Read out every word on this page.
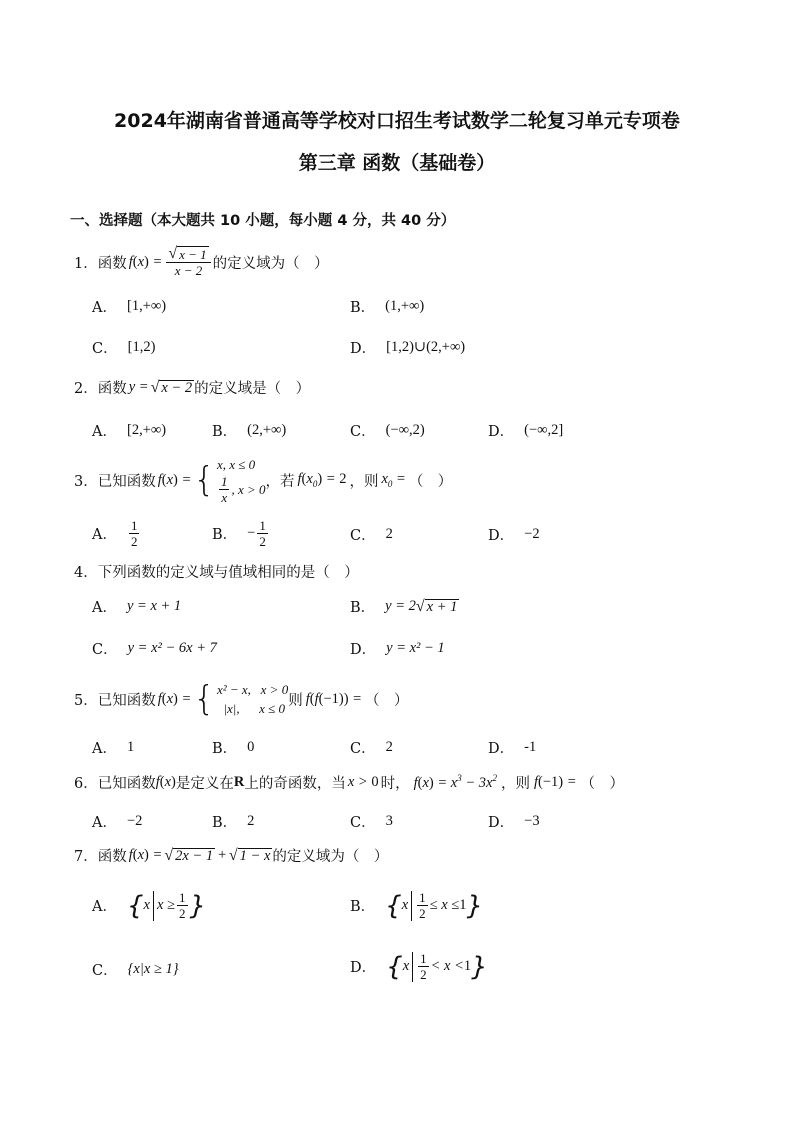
2024年湖南省普通高等学校对口招生考试数学二轮复习单元专项卷
第三章 函数（基础卷）
一、选择题（本大题共 10 小题，每小题 4 分，共 40 分）
1． 函数 $f(x) = \frac{√ x - 1}{x - 2}$ 的定义域为（　）
A． [1,+∞)	B． (1,+∞)
C． [1,2)	D． [1,2)∪(2,+∞)
2． 函数 y = √ x − 2 的定义域是（　）
A． [2,+∞)	B． (2,+∞)	C． (−∞,2)	D． (−∞,2]
3． 已知函数 f(x) = { x, x ≤ 0
$\frac{1}{x}$ , x > 0 ，若 $f(x_0) = 2$ ，则 $x_0$ = （　）
A． $\frac{1}{2}$	B． − $\frac{1}{2}$	C． 2	D． −2
4． 下列函数的定义域与值域相同的是（　）
A． y = x + 1	B． y = 2 √ x + 1
C． y = x² − 6x + 7	D． y = x² − 1
5． 已知函数 f(x) = { x² − x,   x > 0
|x|,      x ≤ 0 则 f(f(−1)) = （　）
A． 1	B． 0	C． 2	D． -1
6． 已知函数 f(x) 是定义在 R 上的奇函数，当 x > 0 时， $f(x) = x^3 - 3x^2$ ，则 f(−1) = （　）
A． −2	B． 2	C． 3	D． −3
7． 函数 f(x) = √ 2x − 1 + √ 1 − x 的定义域为（　）
A． { x $x \ge \frac{1}{2}$ }	B． { x $\frac{1}{2} \le x \le 1$ }
C． {x|x ≥ 1}	D． { x $\frac{1}{2} < x < 1$ }
